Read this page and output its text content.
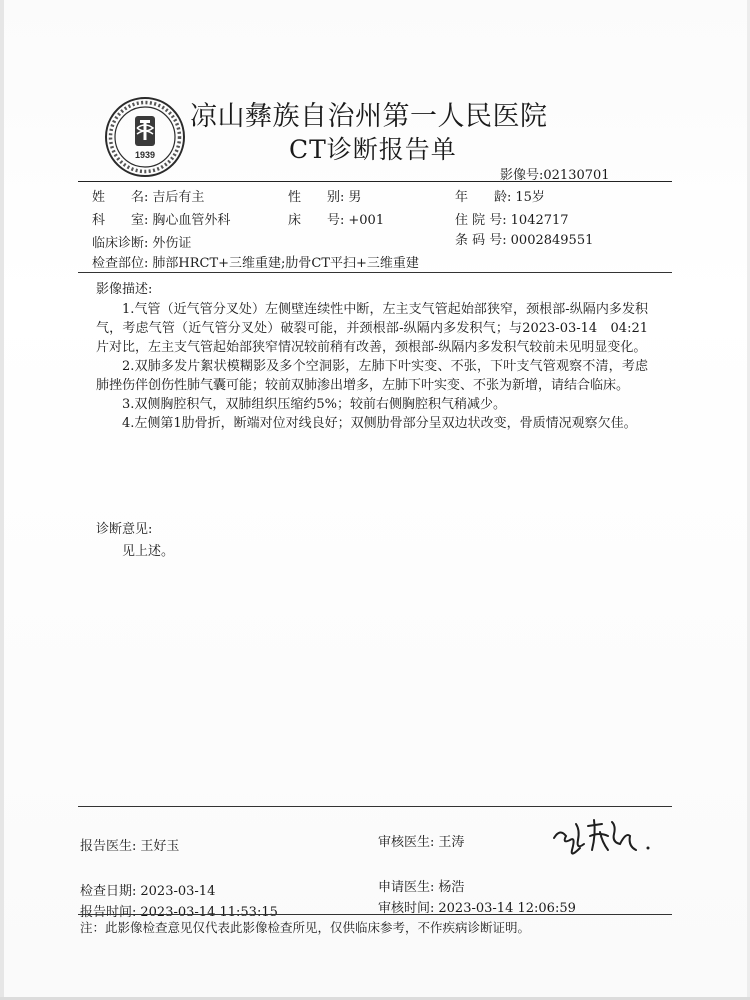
1939
凉山彝族自治州第一人民医院
CT诊断报告单
影像号:02130701
姓　　名: 吉后有主	性　　别: 男	年　　龄: 15岁
科　　室: 胸心血管外科	床　　号: +001	住 院 号: 1042717
临床诊断: 外伤证	条 码 号: 0002849551
检查部位: 肺部HRCT+三维重建;肋骨CT平扫+三维重建
影像描述:

1.气管（近气管分叉处）左侧壁连续性中断，左主支气管起始部狭窄，颈根部-纵隔内多发积气，考虑气管（近气管分叉处）破裂可能，并颈根部-纵隔内多发积气；与2023-03-14　04:21片对比，左主支气管起始部狭窄情况较前稍有改善，颈根部-纵隔内多发积气较前未见明显变化。

2.双肺多发片絮状模糊影及多个空洞影，左肺下叶实变、不张，下叶支气管观察不清，考虑肺挫伤伴创伤性肺气囊可能；较前双肺渗出增多，左肺下叶实变、不张为新增，请结合临床。

3.双侧胸腔积气，双肺组织压缩约5%；较前右侧胸腔积气稍减少。

4.左侧第1肋骨折，断端对位对线良好；双侧肋骨部分呈双边状改变，骨质情况观察欠佳。

诊断意见:
见上述。
报告医生: 王好玉	审核医生: 王涛
检查日期: 2023-03-14	申请医生: 杨浩
报告时间: 2023-03-14 11:53:15	审核时间: 2023-03-14 12:06:59
注：此影像检查意见仅代表此影像检查所见，仅供临床参考，不作疾病诊断证明。
